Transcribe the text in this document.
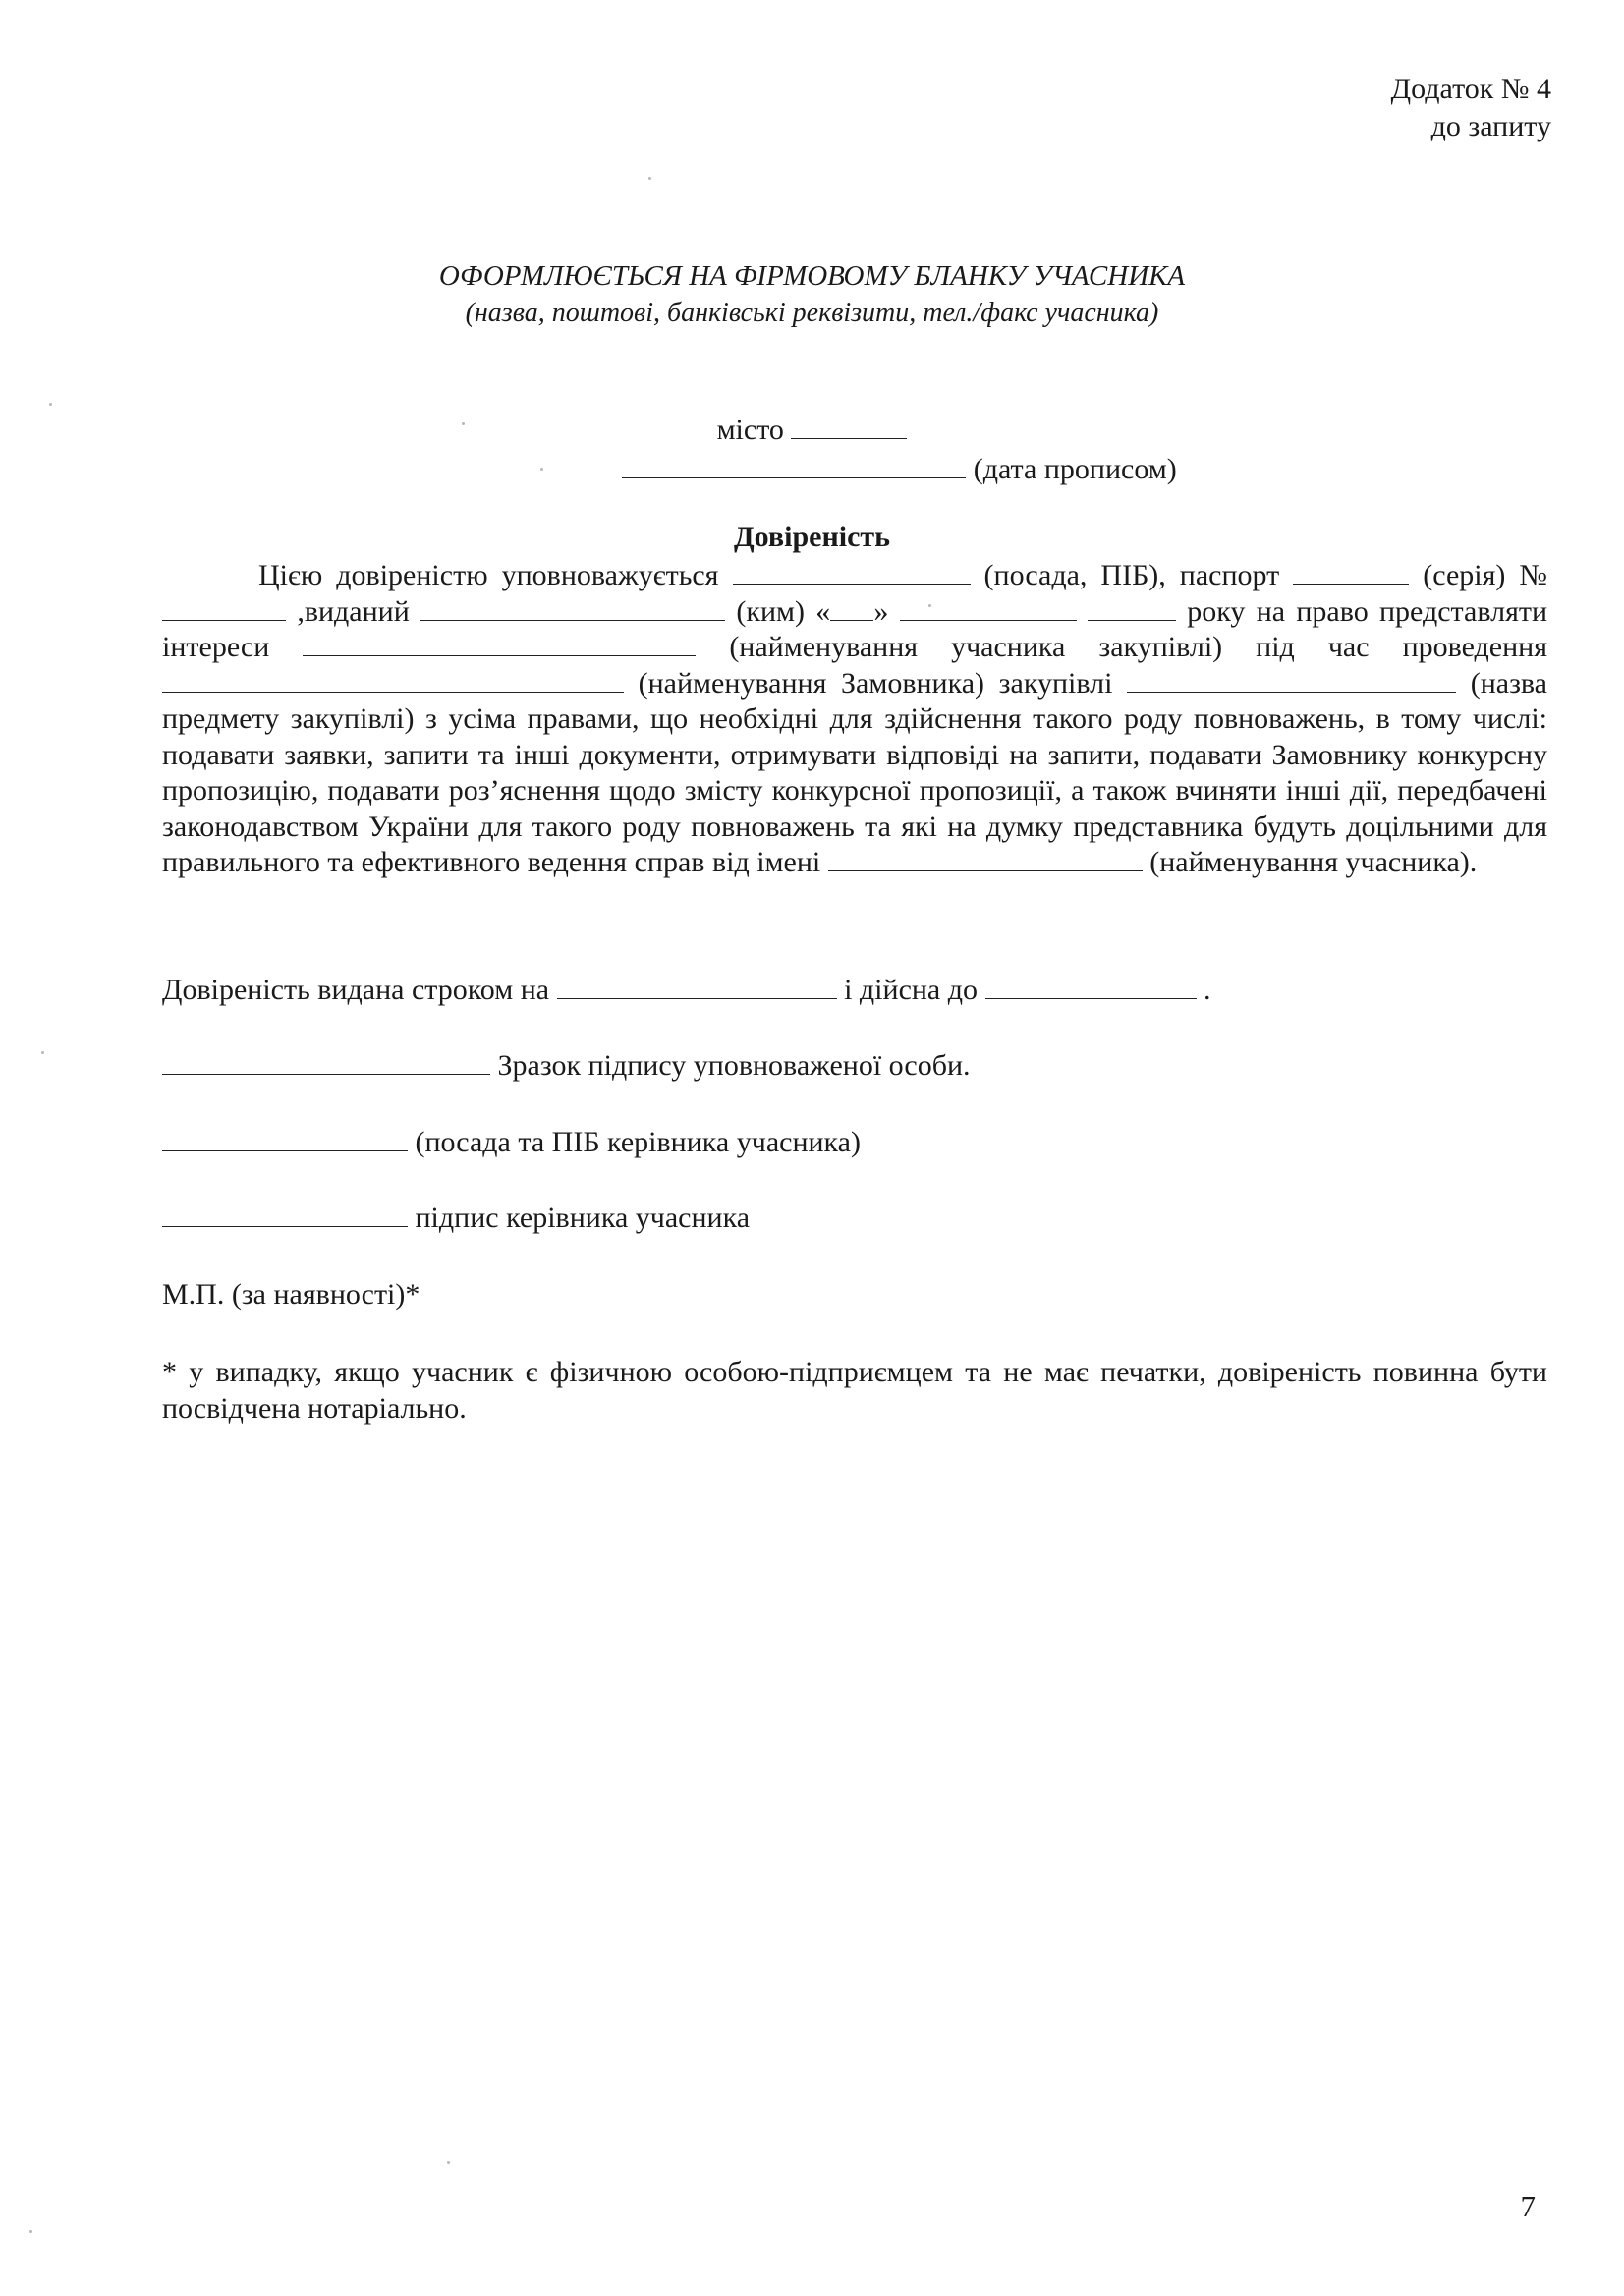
Додаток № 4
до запиту
ОФОРМЛЮЄТЬСЯ НА ФІРМОВОМУ БЛАНКУ УЧАСНИКА
(назва, поштові, банківські реквізити, тел./факс учасника)
місто
(дата прописом)
Довіреність
Цією довіреністю уповноважується	(посада, ПІБ), паспорт	(серія) № ,виданий	(ким) « »	року на право представляти інтереси	(найменування учасника закупівлі) під час проведення  (найменування Замовника) закупівлі	(назва предмету закупівлі) з усіма правами, що необхідні для здійснення такого роду повноважень, в тому числі: подавати заявки, запити та інші документи, отримувати відповіді на запити, подавати Замовнику конкурсну пропозицію, подавати роз’яснення щодо змісту конкурсної пропозиції, а також вчиняти інші дії, передбачені законодавством України для такого роду повноважень та які на думку представника будуть доцільними для правильного та ефективного ведення справ від імені	(найменування учасника).
Довіреність видана строком на	і дійсна до	.
Зразок підпису уповноваженої особи.
(посада та ПІБ керівника учасника)
підпис керівника учасника
М.П. (за наявності)*
* у випадку, якщо учасник є фізичною особою-підприємцем та не має печатки, довіреність повинна бути посвідчена нотаріально.
7
